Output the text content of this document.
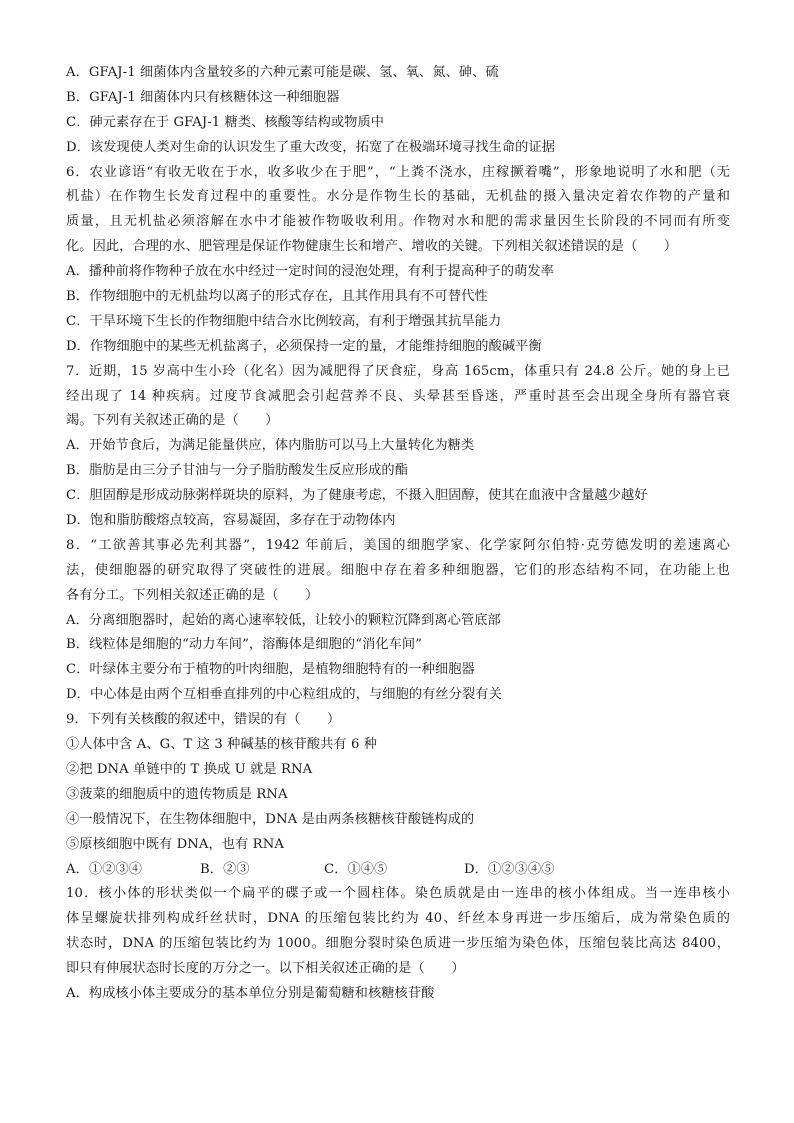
A．GFAJ-1 细菌体内含量较多的六种元素可能是碳、氢、氧、氮、砷、硫
B．GFAJ-1 细菌体内只有核糖体这一种细胞器
C．砷元素存在于 GFAJ-1 糖类、核酸等结构或物质中
D．该发现使人类对生命的认识发生了重大改变，拓宽了在极端环境寻找生命的证据
6．农业谚语“有收无收在于水，收多收少在于肥”，“上粪不浇水，庄稼撅着嘴”，形象地说明了水和肥（无
机盐）在作物生长发育过程中的重要性。水分是作物生长的基础，无机盐的摄入量决定着农作物的产量和
质量，且无机盐必须溶解在水中才能被作物吸收利用。作物对水和肥的需求量因生长阶段的不同而有所变
化。因此，合理的水、肥管理是保证作物健康生长和增产、增收的关键。下列相关叙述错误的是（　　）
A．播种前将作物种子放在水中经过一定时间的浸泡处理，有利于提高种子的萌发率
B．作物细胞中的无机盐均以离子的形式存在，且其作用具有不可替代性
C．干旱环境下生长的作物细胞中结合水比例较高，有利于增强其抗旱能力
D．作物细胞中的某些无机盐离子，必须保持一定的量，才能维持细胞的酸碱平衡
7．近期，15 岁高中生小玲（化名）因为减肥得了厌食症，身高 165cm，体重只有 24.8 公斤。她的身上已
经出现了 14 种疾病。过度节食减肥会引起营养不良、头晕甚至昏迷，严重时甚至会出现全身所有器官衰
竭。下列有关叙述正确的是（　　）
A．开始节食后，为满足能量供应，体内脂肪可以马上大量转化为糖类
B．脂肪是由三分子甘油与一分子脂肪酸发生反应形成的酯
C．胆固醇是形成动脉粥样斑块的原料，为了健康考虑，不摄入胆固醇，使其在血液中含量越少越好
D．饱和脂肪酸熔点较高，容易凝固，多存在于动物体内
8．“工欲善其事必先利其器”，1942 年前后，美国的细胞学家、化学家阿尔伯特·克劳德发明的差速离心
法，使细胞器的研究取得了突破性的进展。细胞中存在着多种细胞器，它们的形态结构不同，在功能上也
各有分工。下列相关叙述正确的是（　　）
A．分离细胞器时，起始的离心速率较低，让较小的颗粒沉降到离心管底部
B．线粒体是细胞的“动力车间”，溶酶体是细胞的“消化车间”
C．叶绿体主要分布于植物的叶肉细胞，是植物细胞特有的一种细胞器
D．中心体是由两个互相垂直排列的中心粒组成的，与细胞的有丝分裂有关
9．下列有关核酸的叙述中，错误的有（　　）
①人体中含 A、G、T 这 3 种碱基的核苷酸共有 6 种
②把 DNA 单链中的 T 换成 U 就是 RNA
③菠菜的细胞质中的遗传物质是 RNA
④一般情况下，在生物体细胞中，DNA 是由两条核糖核苷酸链构成的
⑤原核细胞中既有 DNA，也有 RNA
A．①②③④	B．②③	C．①④⑤	D．①②③④⑤
10．核小体的形状类似一个扁平的碟子或一个圆柱体。染色质就是由一连串的核小体组成。当一连串核小
体呈螺旋状排列构成纤丝状时，DNA 的压缩包装比约为 40、纤丝本身再进一步压缩后，成为常染色质的
状态时，DNA 的压缩包装比约为 1000。细胞分裂时染色质进一步压缩为染色体，压缩包装比高达 8400，
即只有伸展状态时长度的万分之一。以下相关叙述正确的是（　　）
A．构成核小体主要成分的基本单位分别是葡萄糖和核糖核苷酸
